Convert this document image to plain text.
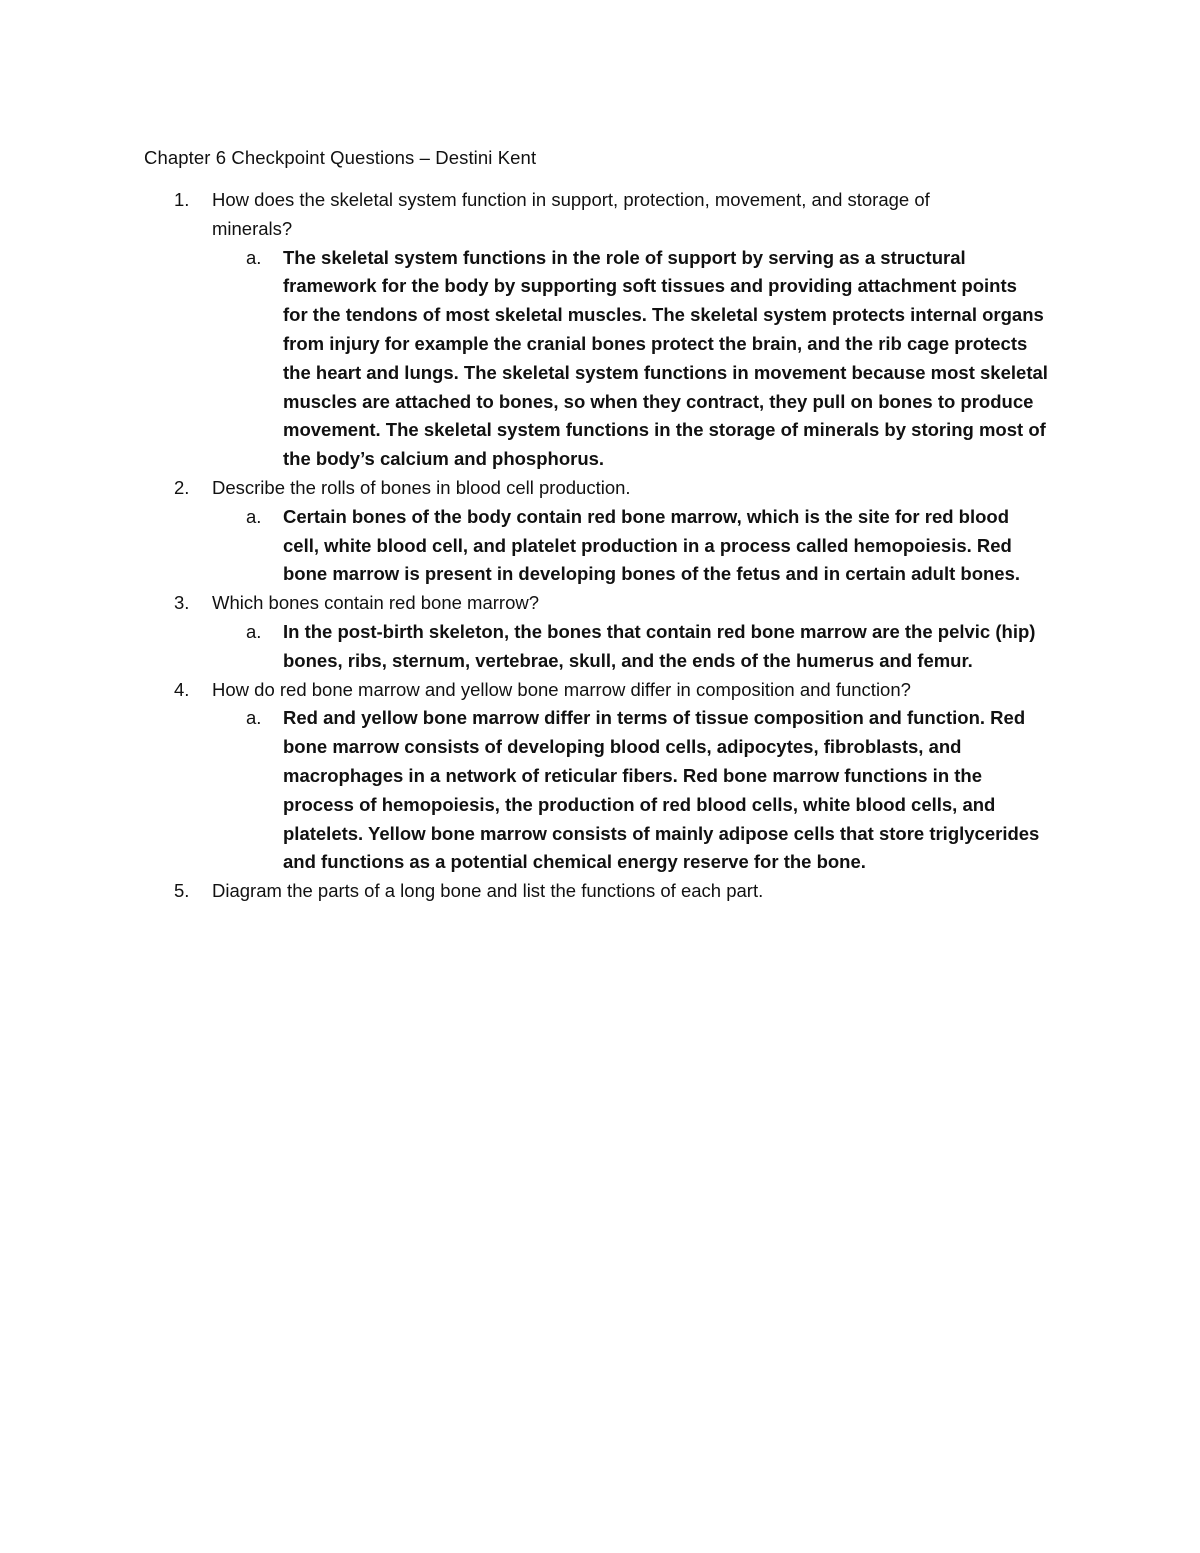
Chapter 6 Checkpoint Questions – Destini Kent
1. How does the skeletal system function in support, protection, movement, and storage of
minerals?
a. The skeletal system functions in the role of support by serving as a structural
framework for the body by supporting soft tissues and providing attachment points
for the tendons of most skeletal muscles. The skeletal system protects internal organs
from injury for example the cranial bones protect the brain, and the rib cage protects
the heart and lungs. The skeletal system functions in movement because most skeletal
muscles are attached to bones, so when they contract, they pull on bones to produce
movement. The skeletal system functions in the storage of minerals by storing most of
the body’s calcium and phosphorus.
2. Describe the rolls of bones in blood cell production.
a. Certain bones of the body contain red bone marrow, which is the site for red blood
cell, white blood cell, and platelet production in a process called hemopoiesis. Red
bone marrow is present in developing bones of the fetus and in certain adult bones.
3. Which bones contain red bone marrow?
a. In the post-birth skeleton, the bones that contain red bone marrow are the pelvic (hip)
bones, ribs, sternum, vertebrae, skull, and the ends of the humerus and femur.
4. How do red bone marrow and yellow bone marrow differ in composition and function?
a. Red and yellow bone marrow differ in terms of tissue composition and function. Red
bone marrow consists of developing blood cells, adipocytes, fibroblasts, and
macrophages in a network of reticular fibers. Red bone marrow functions in the
process of hemopoiesis, the production of red blood cells, white blood cells, and
platelets. Yellow bone marrow consists of mainly adipose cells that store triglycerides
and functions as a potential chemical energy reserve for the bone.
5. Diagram the parts of a long bone and list the functions of each part.
